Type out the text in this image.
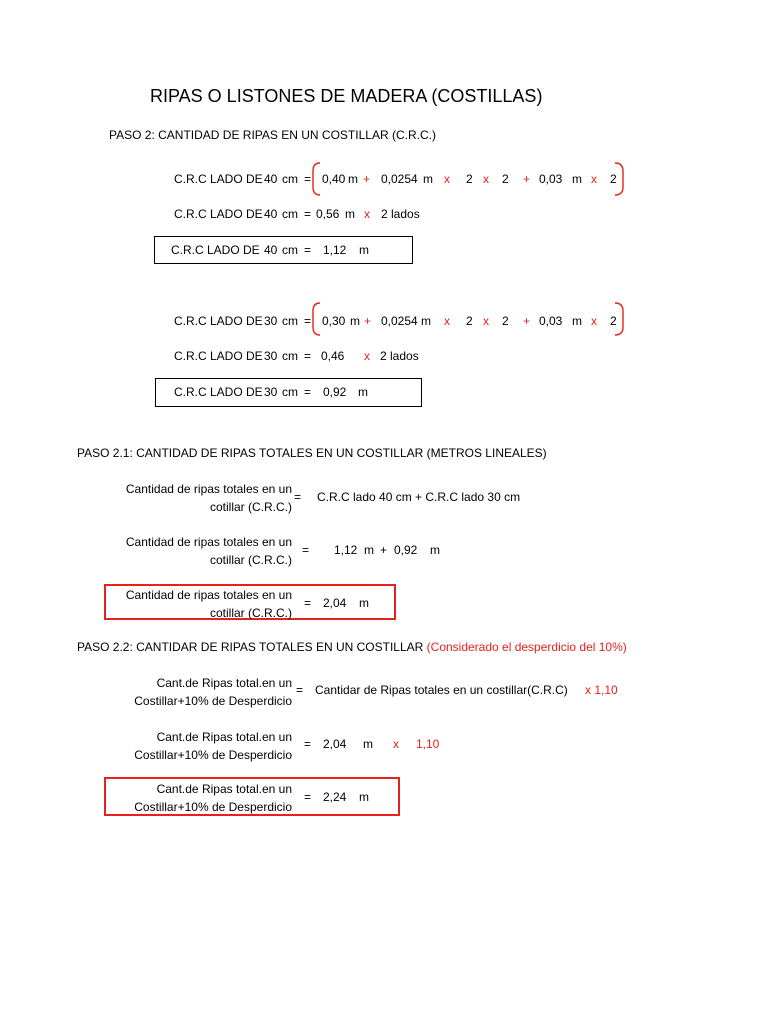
RIPAS O LISTONES DE MADERA (COSTILLAS)
PASO 2: CANTIDAD DE RIPAS EN UN COSTILLAR (C.R.C.)
C.R.C LADO DE 40 cm = 0,40 m + 0,0254 m x 2 x 2 + 0,03 m x 2
C.R.C LADO DE 40 cm = 0,56 m x 2 lados
C.R.C LADO DE 40 cm = 1,12 m
C.R.C LADO DE 30 cm = 0,30 m + 0,0254 m x 2 x 2 + 0,03 m x 2
C.R.C LADO DE 30 cm = 0,46 x 2 lados
C.R.C LADO DE 30 cm = 0,92 m
PASO 2.1: CANTIDAD DE RIPAS TOTALES EN UN COSTILLAR (METROS LINEALES)
Cantidad de ripas totales en un
cotillar (C.R.C.)
= C.R.C lado 40 cm + C.R.C lado 30 cm
Cantidad de ripas totales en un
cotillar (C.R.C.)
= 1,12 m + 0,92 m
Cantidad de ripas totales en un
cotillar (C.R.C.)
= 2,04 m
PASO 2.2: CANTIDAR DE RIPAS TOTALES EN UN COSTILLAR (Considerado el desperdicio del 10%)
Cant.de Ripas total.en un
Costillar+10% de Desperdicio
= Cantidar de Ripas totales en un costillar(C.R.C) x 1,10
Cant.de Ripas total.en un
Costillar+10% de Desperdicio
= 2,04 m x 1,10
Cant.de Ripas total.en un
Costillar+10% de Desperdicio
= 2,24 m
